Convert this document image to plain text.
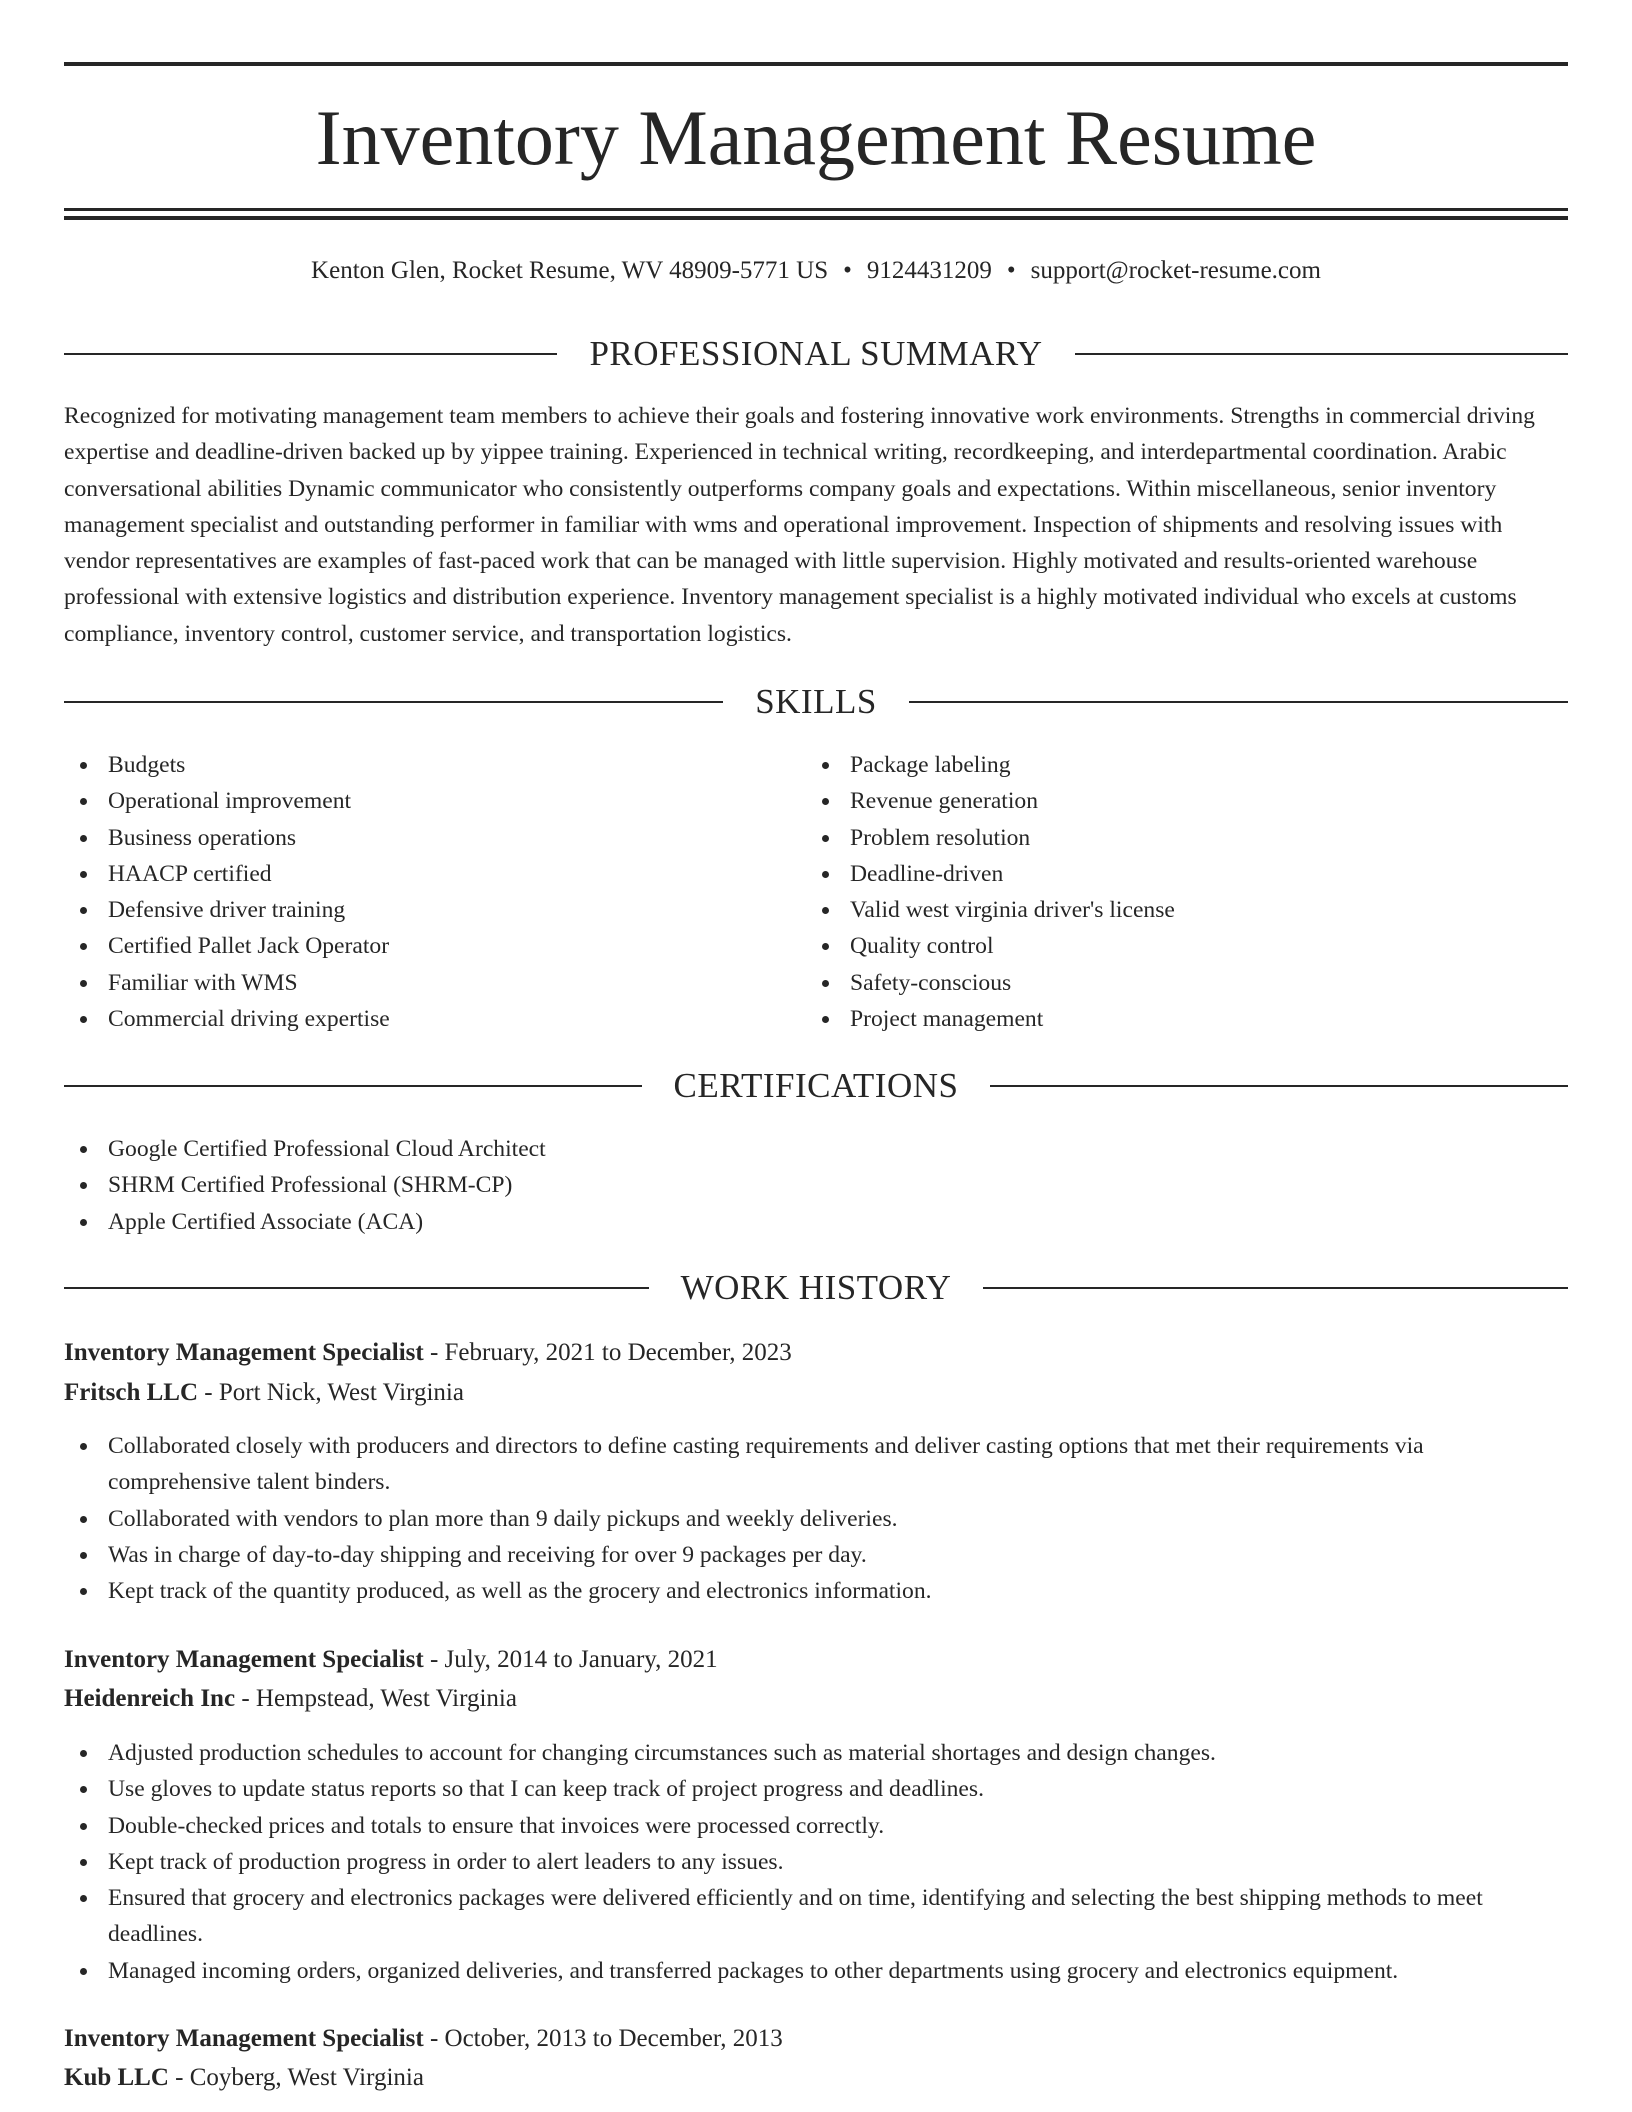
Inventory Management Resume
Kenton Glen, Rocket Resume, WV 48909-5771 US • 9124431209 • support@rocket-resume.com
PROFESSIONAL SUMMARY

Recognized for motivating management team members to achieve their goals and fostering innovative work environments. Strengths in commercial driving expertise and deadline-driven backed up by yippee training. Experienced in technical writing, recordkeeping, and interdepartmental coordination. Arabic conversational abilities Dynamic communicator who consistently outperforms company goals and expectations. Within miscellaneous, senior inventory management specialist and outstanding performer in familiar with wms and operational improvement. Inspection of shipments and resolving issues with vendor representatives are examples of fast-paced work that can be managed with little supervision. Highly motivated and results-oriented warehouse professional with extensive logistics and distribution experience. Inventory management specialist is a highly motivated individual who excels at customs compliance, inventory control, customer service, and transportation logistics.

SKILLS
Budgets
Operational improvement
Business operations
HAACP certified
Defensive driver training
Certified Pallet Jack Operator
Familiar with WMS
Commercial driving expertise
Package labeling
Revenue generation
Problem resolution
Deadline-driven
Valid west virginia driver's license
Quality control
Safety-conscious
Project management
CERTIFICATIONS
Google Certified Professional Cloud Architect
SHRM Certified Professional (SHRM-CP)
Apple Certified Associate (ACA)
WORK HISTORY
Inventory Management Specialist - February, 2021 to December, 2023
Fritsch LLC - Port Nick, West Virginia
Collaborated closely with producers and directors to define casting requirements and deliver casting options that met their requirements via comprehensive talent binders.
Collaborated with vendors to plan more than 9 daily pickups and weekly deliveries.
Was in charge of day-to-day shipping and receiving for over 9 packages per day.
Kept track of the quantity produced, as well as the grocery and electronics information.
Inventory Management Specialist - July, 2014 to January, 2021
Heidenreich Inc - Hempstead, West Virginia
Adjusted production schedules to account for changing circumstances such as material shortages and design changes.
Use gloves to update status reports so that I can keep track of project progress and deadlines.
Double-checked prices and totals to ensure that invoices were processed correctly.
Kept track of production progress in order to alert leaders to any issues.
Ensured that grocery and electronics packages were delivered efficiently and on time, identifying and selecting the best shipping methods to meet deadlines.
Managed incoming orders, organized deliveries, and transferred packages to other departments using grocery and electronics equipment.
Inventory Management Specialist - October, 2013 to December, 2013
Kub LLC - Coyberg, West Virginia
